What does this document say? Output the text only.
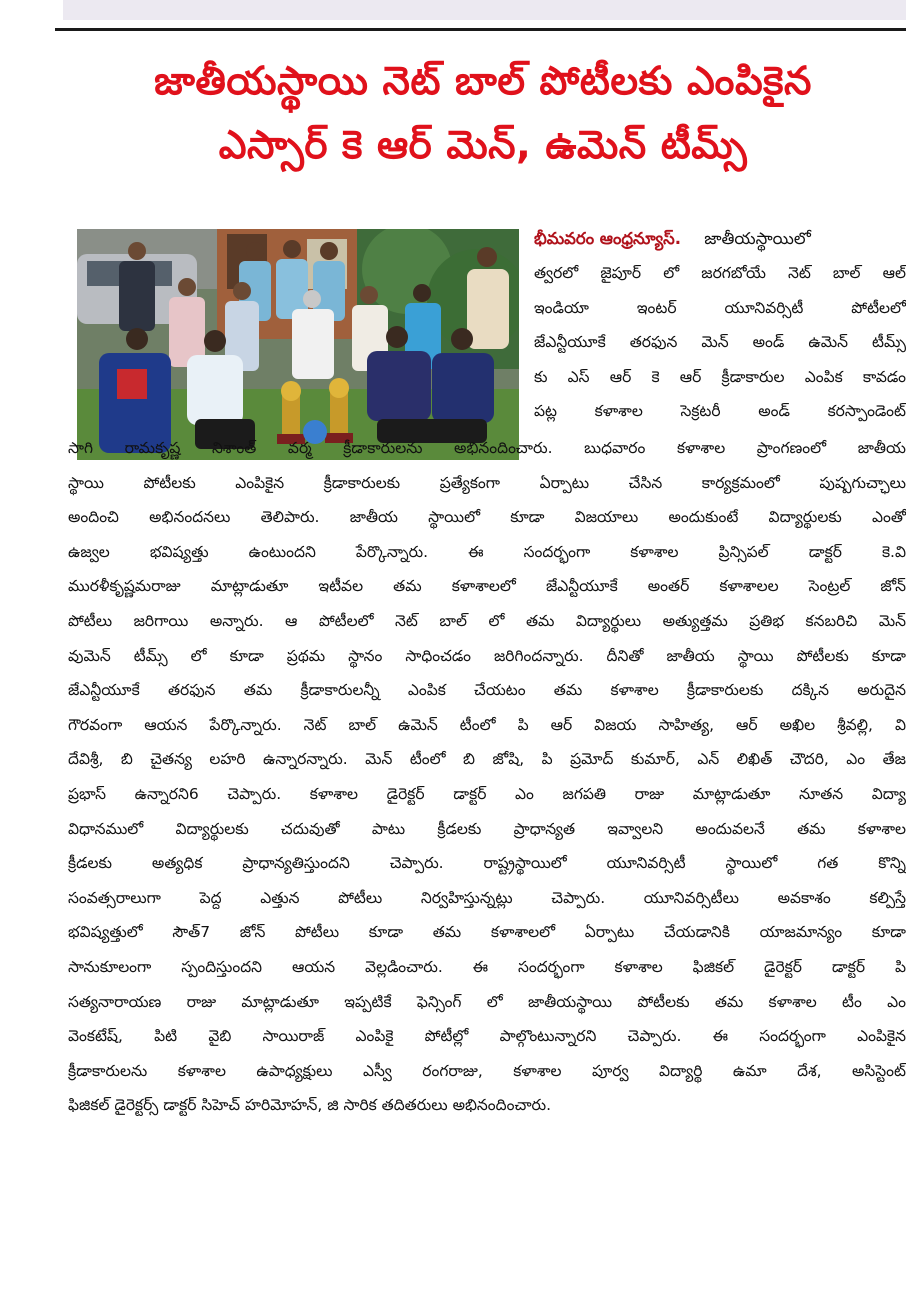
జాతీయస్థాయి నెట్ బాల్ పోటీలకు ఎంపికైన
ఎస్సార్ కె ఆర్ మెన్, ఉమెన్ టీమ్స్
భీమవరం ఆంధ్రన్యూస్. జాతీయస్థాయిలో
త్వరలో జైపూర్ లో జరగబోయే నెట్ బాల్ ఆల్
ఇండియా ఇంటర్ యూనివర్సిటీ పోటీలలో
జేఎన్టీయూకే తరఫున మెన్ అండ్ ఉమెన్ టీమ్స్
కు ఎస్ ఆర్ కె ఆర్ క్రీడాకారుల ఎంపిక కావడం
పట్ల కళాశాల సెక్రటరీ అండ్ కరస్పాండెంట్
సాగి రామకృష్ణ నిశాంత్ వర్మ క్రీడాకారులను అభినందించారు. బుధవారం కళాశాల ప్రాంగణంలో జాతీయ
స్థాయి పోటీలకు ఎంపికైన క్రీడాకారులకు ప్రత్యేకంగా ఏర్పాటు చేసిన కార్యక్రమంలో పుష్పగుచ్ఛాలు
అందించి అభినందనలు తెలిపారు. జాతీయ స్థాయిలో కూడా విజయాలు అందుకుంటే విద్యార్థులకు ఎంతో
ఉజ్వల భవిష్యత్తు ఉంటుందని పేర్కొన్నారు. ఈ సందర్భంగా కళాశాల ప్రిన్సిపల్ డాక్టర్ కె.వి
మురళీకృష్ణమరాజు మాట్లాడుతూ ఇటీవల తమ కళాశాలలో జేఎన్టీయూకే అంతర్ కళాశాలల సెంట్రల్ జోన్
పోటీలు జరిగాయి అన్నారు. ఆ పోటీలలో నెట్ బాల్ లో తమ విద్యార్థులు అత్యుత్తమ ప్రతిభ కనబరిచి మెన్
వుమెన్ టీమ్స్ లో కూడా ప్రథమ స్థానం సాధించడం జరిగిందన్నారు. దీనితో జాతీయ స్థాయి పోటీలకు కూడా
జేఎన్టీయూకే తరఫున తమ క్రీడాకారులన్నీ ఎంపిక చేయటం తమ కళాశాల క్రీడాకారులకు దక్కిన అరుదైన
గౌరవంగా ఆయన పేర్కొన్నారు. నెట్ బాల్ ఉమెన్ టీంలో పి ఆర్ విజయ సాహిత్య, ఆర్ అఖిల శ్రీవల్లి, వి
దేవిశ్రీ, బి చైతన్య లహరి ఉన్నారన్నారు. మెన్ టీంలో బి జోషి, పి ప్రమోద్ కుమార్, ఎన్ లిఖిత్ చౌదరి, ఎం తేజ
ప్రభాస్ ఉన్నారని6 చెప్పారు. కళాశాల డైరెక్టర్ డాక్టర్ ఎం జగపతి రాజు మాట్లాడుతూ నూతన విద్యా
విధానములో విద్యార్థులకు చదువుతో పాటు క్రీడలకు ప్రాధాన్యత ఇవ్వాలని అందువలనే తమ కళాశాల
క్రీడలకు అత్యధిక ప్రాధాన్యతిస్తుందని చెప్పారు. రాష్ట్రస్థాయిలో యూనివర్సిటీ స్థాయిలో గత కొన్ని
సంవత్సరాలుగా పెద్ద ఎత్తున పోటీలు నిర్వహిస్తున్నట్లు చెప్పారు. యూనివర్సిటీలు అవకాశం కల్పిస్తే
భవిష్యత్తులో సౌత్7 జోన్ పోటీలు కూడా తమ కళాశాలలో ఏర్పాటు చేయడానికి యాజమాన్యం కూడా
సానుకూలంగా స్పందిస్తుందని ఆయన వెల్లడించారు. ఈ సందర్భంగా కళాశాల ఫిజికల్ డైరెక్టర్ డాక్టర్ పి
సత్యనారాయణ రాజు మాట్లాడుతూ ఇప్పటికే ఫెన్సింగ్ లో జాతీయస్థాయి పోటీలకు తమ కళాశాల టీం ఎం
వెంకటేష్, పిటి వైబి సాయిరాజ్ ఎంపికై పోటీల్లో పాల్గొంటున్నారని చెప్పారు. ఈ సందర్భంగా ఎంపికైన
క్రీడాకారులను కళాశాల ఉపాధ్యక్షులు ఎస్వీ రంగరాజు, కళాశాల పూర్వ విద్యార్థి ఉమా దేశ, అసిస్టెంట్
ఫిజికల్ డైరెక్టర్స్ డాక్టర్ సిహెచ్ హరిమోహన్, జి సారిక తదితరులు అభినందించారు.
